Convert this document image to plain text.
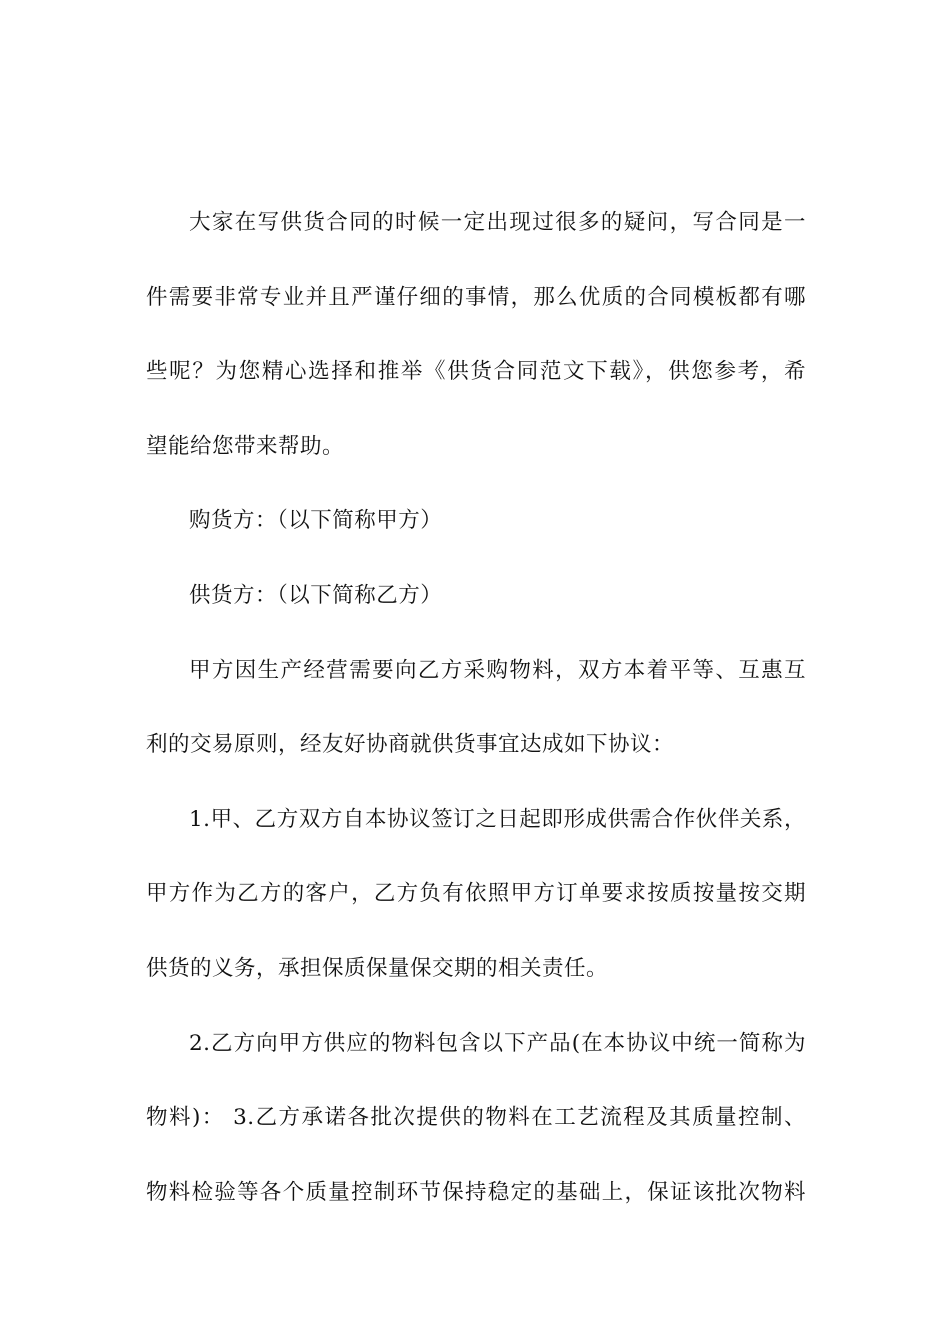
大家在写供货合同的时候一定出现过很多的疑问，写合同是一
件需要非常专业并且严谨仔细的事情，那么优质的合同模板都有哪
些呢？为您精心选择和推举《供货合同范文下载》，供您参考，希
望能给您带来帮助。
购货方：（以下简称甲方）
供货方：（以下简称乙方）
甲方因生产经营需要向乙方采购物料，双方本着平等、互惠互
利的交易原则，经友好协商就供货事宜达成如下协议：
1.甲、乙方双方自本协议签订之日起即形成供需合作伙伴关系，
甲方作为乙方的客户，乙方负有依照甲方订单要求按质按量按交期
供货的义务，承担保质保量保交期的相关责任。
2.乙方向甲方供应的物料包含以下产品(在本协议中统一简称为
物料)： 3.乙方承诺各批次提供的物料在工艺流程及其质量控制、
物料检验等各个质量控制环节保持稳定的基础上，保证该批次物料
